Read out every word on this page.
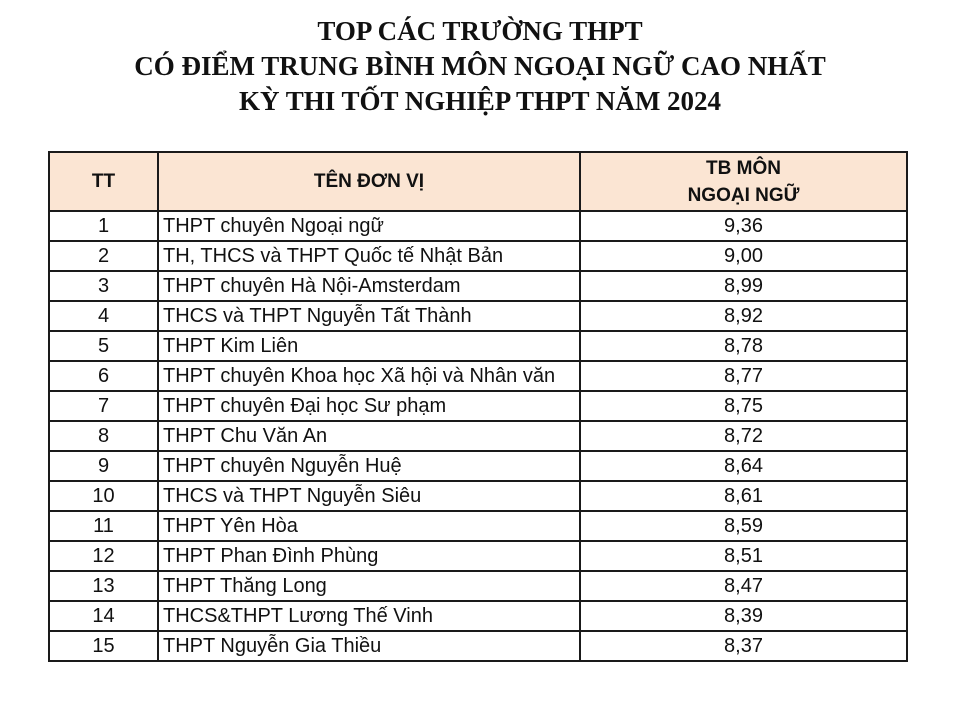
TOP CÁC TRƯỜNG THPT
CÓ ĐIỂM TRUNG BÌNH MÔN NGOẠI NGỮ CAO NHẤT
KỲ THI TỐT NGHIỆP THPT NĂM 2024
TT	TÊN ĐƠN VỊ	TB MÔN
NGOẠI NGỮ

1	THPT chuyên Ngoại ngữ	9,36
2	TH, THCS và THPT Quốc tế Nhật Bản	9,00
3	THPT chuyên Hà Nội-Amsterdam	8,99
4	THCS và THPT Nguyễn Tất Thành	8,92
5	THPT Kim Liên	8,78
6	THPT chuyên Khoa học Xã hội và Nhân văn	8,77
7	THPT chuyên Đại học Sư phạm	8,75
8	THPT Chu Văn An	8,72
9	THPT chuyên Nguyễn Huệ	8,64
10	THCS và THPT Nguyễn Siêu	8,61
11	THPT Yên Hòa	8,59
12	THPT Phan Đình Phùng	8,51
13	THPT Thăng Long	8,47
14	THCS&THPT Lương Thế Vinh	8,39
15	THPT Nguyễn Gia Thiều	8,37
